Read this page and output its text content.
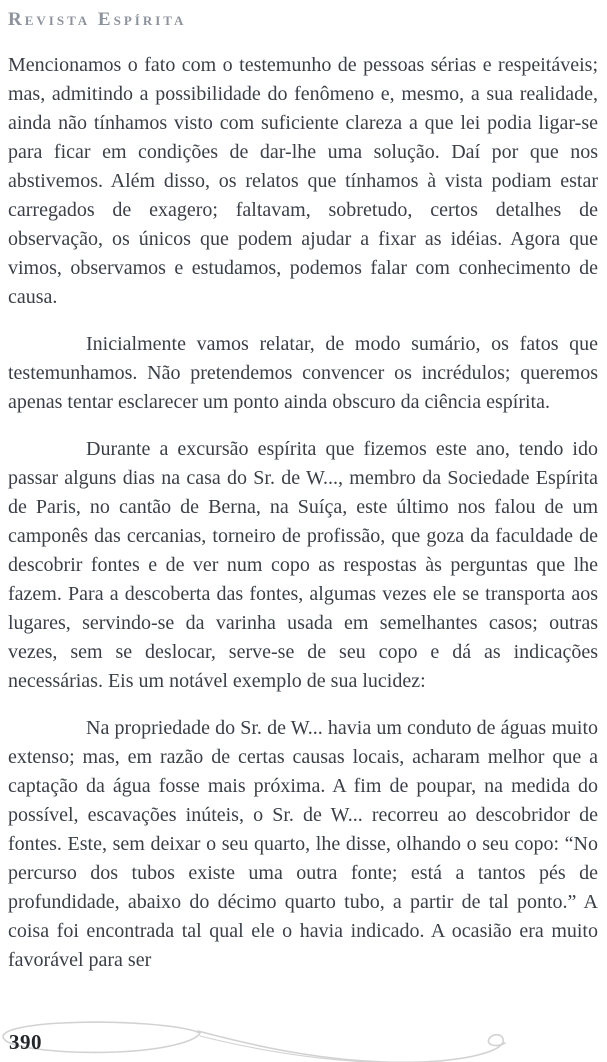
Revista Espírita

Mencionamos o fato com o testemunho de pessoas sérias e respeitáveis; mas, admitindo a possibilidade do fenômeno e, mesmo, a sua realidade, ainda não tínhamos visto com suficiente clareza a que lei podia ligar-se para ficar em condições de dar-lhe uma solução. Daí por que nos abstivemos. Além disso, os relatos que tínhamos à vista podiam estar carregados de exagero; faltavam, sobretudo, certos detalhes de observação, os únicos que podem ajudar a fixar as idéias. Agora que vimos, observamos e estudamos, podemos falar com conhecimento de causa.

Inicialmente vamos relatar, de modo sumário, os fatos que testemunhamos. Não pretendemos convencer os incrédulos; queremos apenas tentar esclarecer um ponto ainda obscuro da ciência espírita.

Durante a excursão espírita que fizemos este ano, tendo ido passar alguns dias na casa do Sr. de W..., membro da Sociedade Espírita de Paris, no cantão de Berna, na Suíça, este último nos falou de um camponês das cercanias, torneiro de profissão, que goza da faculdade de descobrir fontes e de ver num copo as respostas às perguntas que lhe fazem. Para a descoberta das fontes, algumas vezes ele se transporta aos lugares, servindo-se da varinha usada em semelhantes casos; outras vezes, sem se deslocar, serve-se de seu copo e dá as indicações necessárias. Eis um notável exemplo de sua lucidez:

Na propriedade do Sr. de W... havia um conduto de águas muito extenso; mas, em razão de certas causas locais, acharam melhor que a captação da água fosse mais próxima. A fim de poupar, na medida do possível, escavações inúteis, o Sr. de W... recorreu ao descobridor de fontes. Este, sem deixar o seu quarto, lhe disse, olhando o seu copo: “No percurso dos tubos existe uma outra fonte; está a tantos pés de profundidade, abaixo do décimo quarto tubo, a partir de tal ponto.” A coisa foi encontrada tal qual ele o havia indicado. A ocasião era muito favorável para ser

390
